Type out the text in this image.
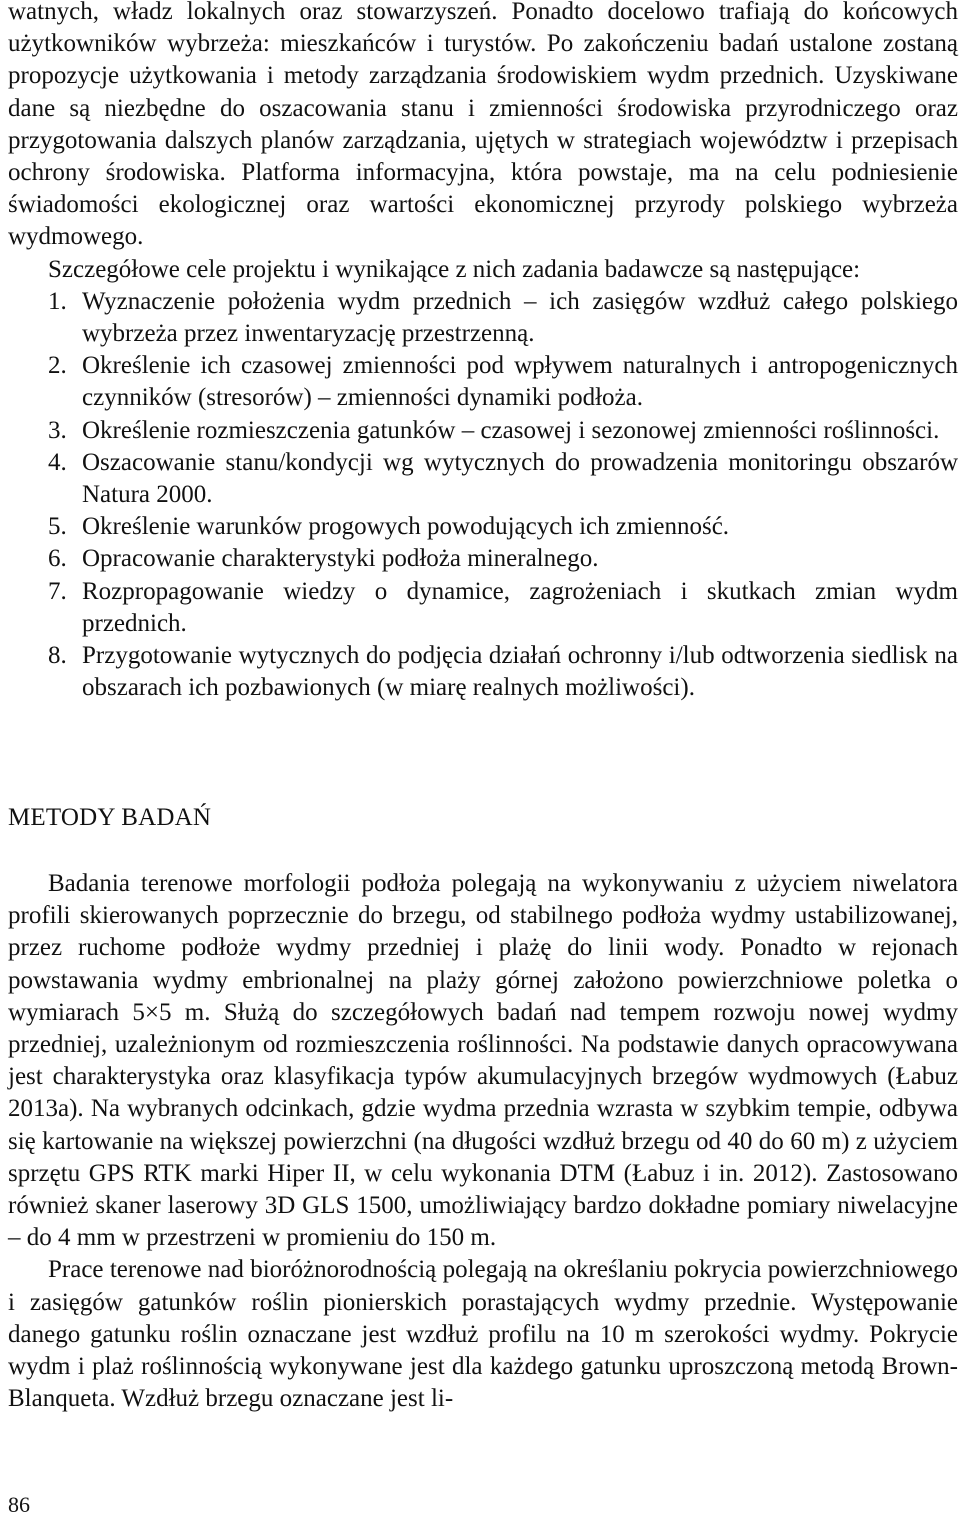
watnych, władz lokalnych oraz stowarzyszeń. Ponadto docelowo trafiają do końcowych użytkowników wybrzeża: mieszkańców i turystów. Po zakończeniu badań ustalone zostaną propozycje użytkowania i metody zarządzania środowiskiem wydm przednich. Uzyskiwane dane są niezbędne do oszacowania stanu i zmienności środowiska przyrodniczego oraz przygotowania dalszych planów zarządzania, ujętych w strategiach województw i przepisach ochrony środowiska. Platforma informacyjna, która powstaje, ma na celu podniesienie świadomości ekologicznej oraz wartości ekonomicznej przyrody polskiego wybrzeża wydmowego.

Szczegółowe cele projektu i wynikające z nich zadania badawcze są następujące:

1. Wyznaczenie położenia wydm przednich – ich zasięgów wzdłuż całego polskiego wybrzeża przez inwentaryzację przestrzenną.
2. Określenie ich czasowej zmienności pod wpływem naturalnych i antropogenicznych czynników (stresorów) – zmienności dynamiki podłoża.
3. Określenie rozmieszczenia gatunków – czasowej i sezonowej zmienności roślinności.
4. Oszacowanie stanu/kondycji wg wytycznych do prowadzenia monitoringu obszarów Natura 2000.
5. Określenie warunków progowych powodujących ich zmienność.
6. Opracowanie charakterystyki podłoża mineralnego.
7. Rozpropagowanie wiedzy o dynamice, zagrożeniach i skutkach zmian wydm przednich.
8. Przygotowanie wytycznych do podjęcia działań ochronny i/lub odtworzenia siedlisk na obszarach ich pozbawionych (w miarę realnych możliwości).
METODY BADAŃ

Badania terenowe morfologii podłoża polegają na wykonywaniu z użyciem niwelatora profili skierowanych poprzecznie do brzegu, od stabilnego podłoża wydmy ustabilizowanej, przez ruchome podłoże wydmy przedniej i plażę do linii wody. Ponadto w rejonach powstawania wydmy embrionalnej na plaży górnej założono powierzchniowe poletka o wymiarach 5×5 m. Służą do szczegółowych badań nad tempem rozwoju nowej wydmy przedniej, uzależnionym od rozmieszczenia roślinności. Na podstawie danych opracowywana jest charakterystyka oraz klasyfikacja typów akumulacyjnych brzegów wydmowych (Łabuz 2013a). Na wybranych odcinkach, gdzie wydma przednia wzrasta w szybkim tempie, odbywa się kartowanie na większej powierzchni (na długości wzdłuż brzegu od 40 do 60 m) z użyciem sprzętu GPS RTK marki Hiper II, w celu wykonania DTM (Łabuz i in. 2012). Zastosowano również skaner laserowy 3D GLS 1500, umożliwiający bardzo dokładne pomiary niwelacyjne – do 4 mm w przestrzeni w promieniu do 150 m.

Prace terenowe nad bioróżnorodnością polegają na określaniu pokrycia powierzchniowego i zasięgów gatunków roślin pionierskich porastających wydmy przednie. Występowanie danego gatunku roślin oznaczane jest wzdłuż profilu na 10 m szerokości wydmy. Pokrycie wydm i plaż roślinnością wykonywane jest dla każdego gatunku uproszczoną metodą Brown-Blanqueta. Wzdłuż brzegu oznaczane jest li-

86
